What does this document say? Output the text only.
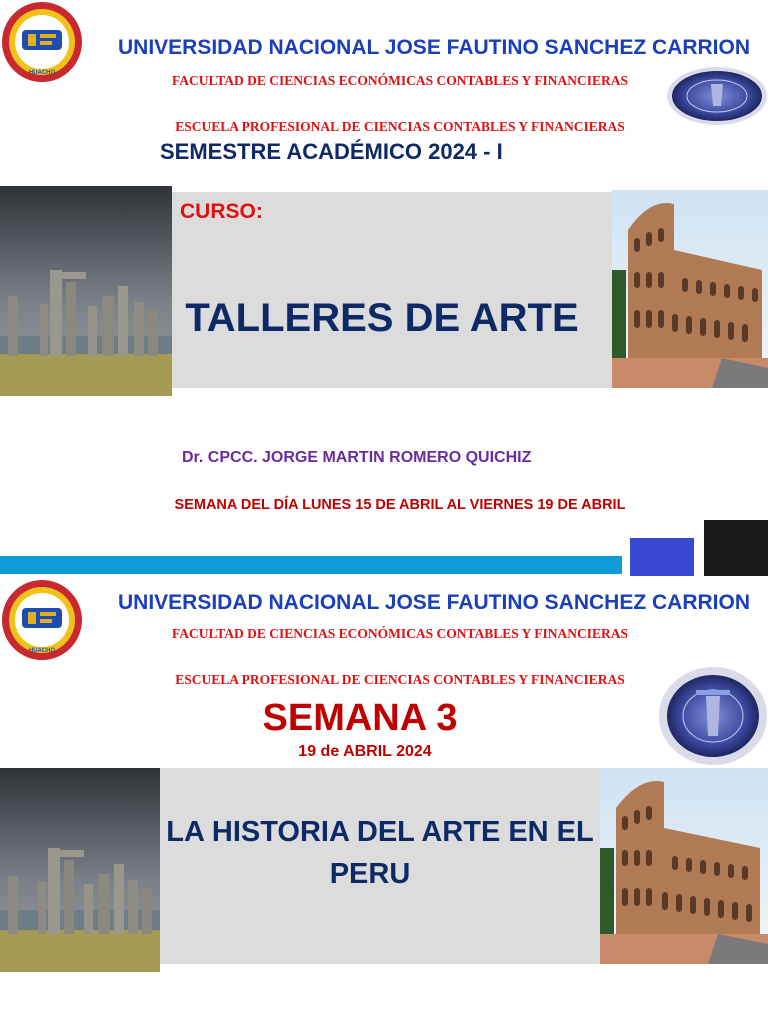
HUACHO
UNIVERSIDAD NACIONAL JOSE FAUTINO SANCHEZ CARRION
FACULTAD DE CIENCIAS ECONÓMICAS CONTABLES Y FINANCIERAS
ESCUELA PROFESIONAL DE CIENCIAS CONTABLES Y FINANCIERAS
SEMESTRE ACADÉMICO 2024 - I
CURSO:
TALLERES DE ARTE
Dr. CPCC. JORGE MARTIN ROMERO QUICHIZ
SEMANA DEL DÍA LUNES 15 DE ABRIL AL VIERNES 19 DE ABRIL
HUACHO
UNIVERSIDAD NACIONAL JOSE FAUTINO SANCHEZ CARRION
FACULTAD DE CIENCIAS ECONÓMICAS CONTABLES Y FINANCIERAS
ESCUELA PROFESIONAL DE CIENCIAS CONTABLES Y FINANCIERAS
SEMANA 3
19 de ABRIL 2024
LA HISTORIA DEL ARTE EN EL
PERU
